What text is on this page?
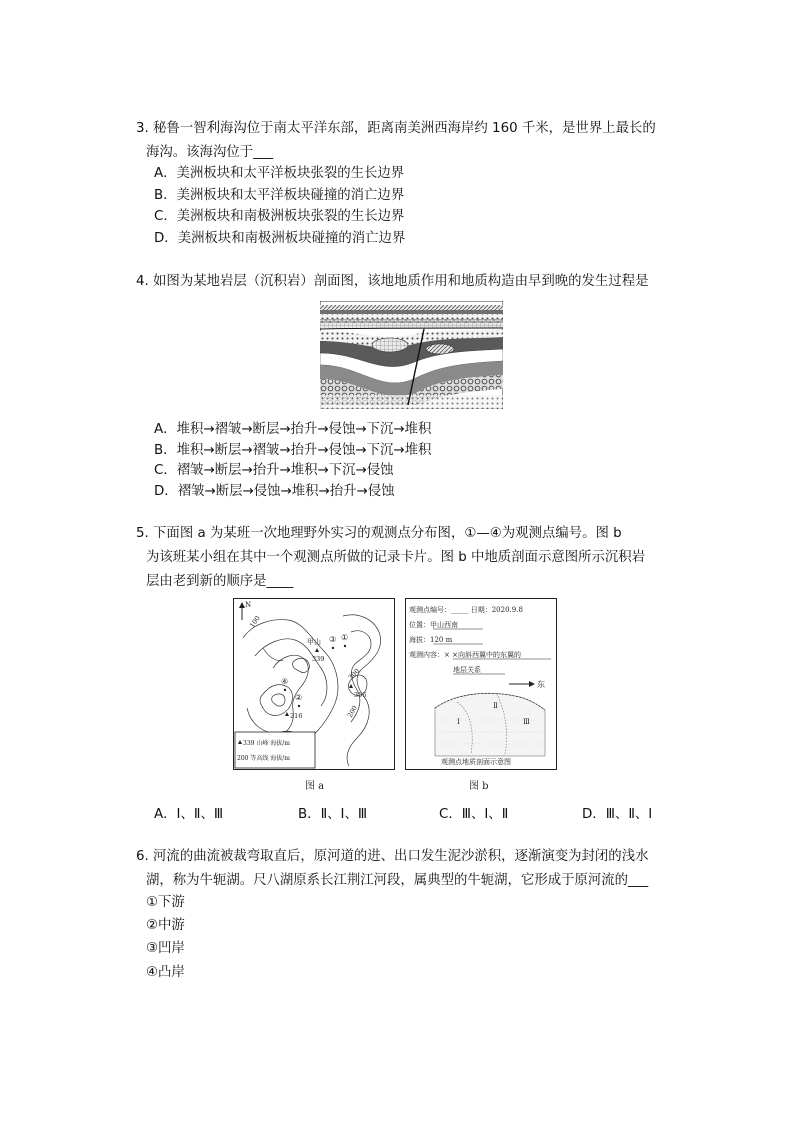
3. 秘鲁一智利海沟位于南太平洋东部，距离南美洲西海岸约 160 千米，是世界上最长的
海沟。该海沟位于___
A．美洲板块和太平洋板块张裂的生长边界
B．美洲板块和太平洋板块碰撞的消亡边界
C．美洲板块和南极洲板块张裂的生长边界
D．美洲板块和南极洲板块碰撞的消亡边界
4. 如图为某地岩层（沉积岩）剖面图，该地地质作用和地质构造由早到晚的发生过程是
A．堆积→褶皱→断层→抬升→侵蚀→下沉→堆积
B．堆积→断层→褶皱→抬升→侵蚀→下沉→堆积
C．褶皱→断层→抬升→堆积→下沉→侵蚀
D．褶皱→断层→侵蚀→堆积→抬升→侵蚀
5. 下面图 a 为某班一次地理野外实习的观测点分布图，①—④为观测点编号。图 b
为该班某小组在其中一个观测点所做的记录卡片。图 b 中地质剖面示意图所示沉积岩
层由老到新的顺序是____
N
100
200
300
甲山
339
216
356
①
②
③
④
339 山峰 海拔/m
200 等高线 海拔/m
图 a
观测点编号：_____ 日期：2020.9.8
位置：甲山西南
海拔：120 m
观测内容：× ×向斜西翼中的东翼的
地层关系
东
Ⅱ
Ⅰ	Ⅲ
观测点地质剖面示意图
图 b
A．Ⅰ、Ⅱ、Ⅲ	B．Ⅱ、Ⅰ、Ⅲ	C．Ⅲ、Ⅰ、Ⅱ	D．Ⅲ、Ⅱ、Ⅰ
6. 河流的曲流被裁弯取直后，原河道的进、出口发生泥沙淤积，逐渐演变为封闭的浅水
湖，称为牛轭湖。尺八湖原系长江荆江河段，属典型的牛轭湖，它形成于原河流的___
①下游
②中游
③凹岸
④凸岸
